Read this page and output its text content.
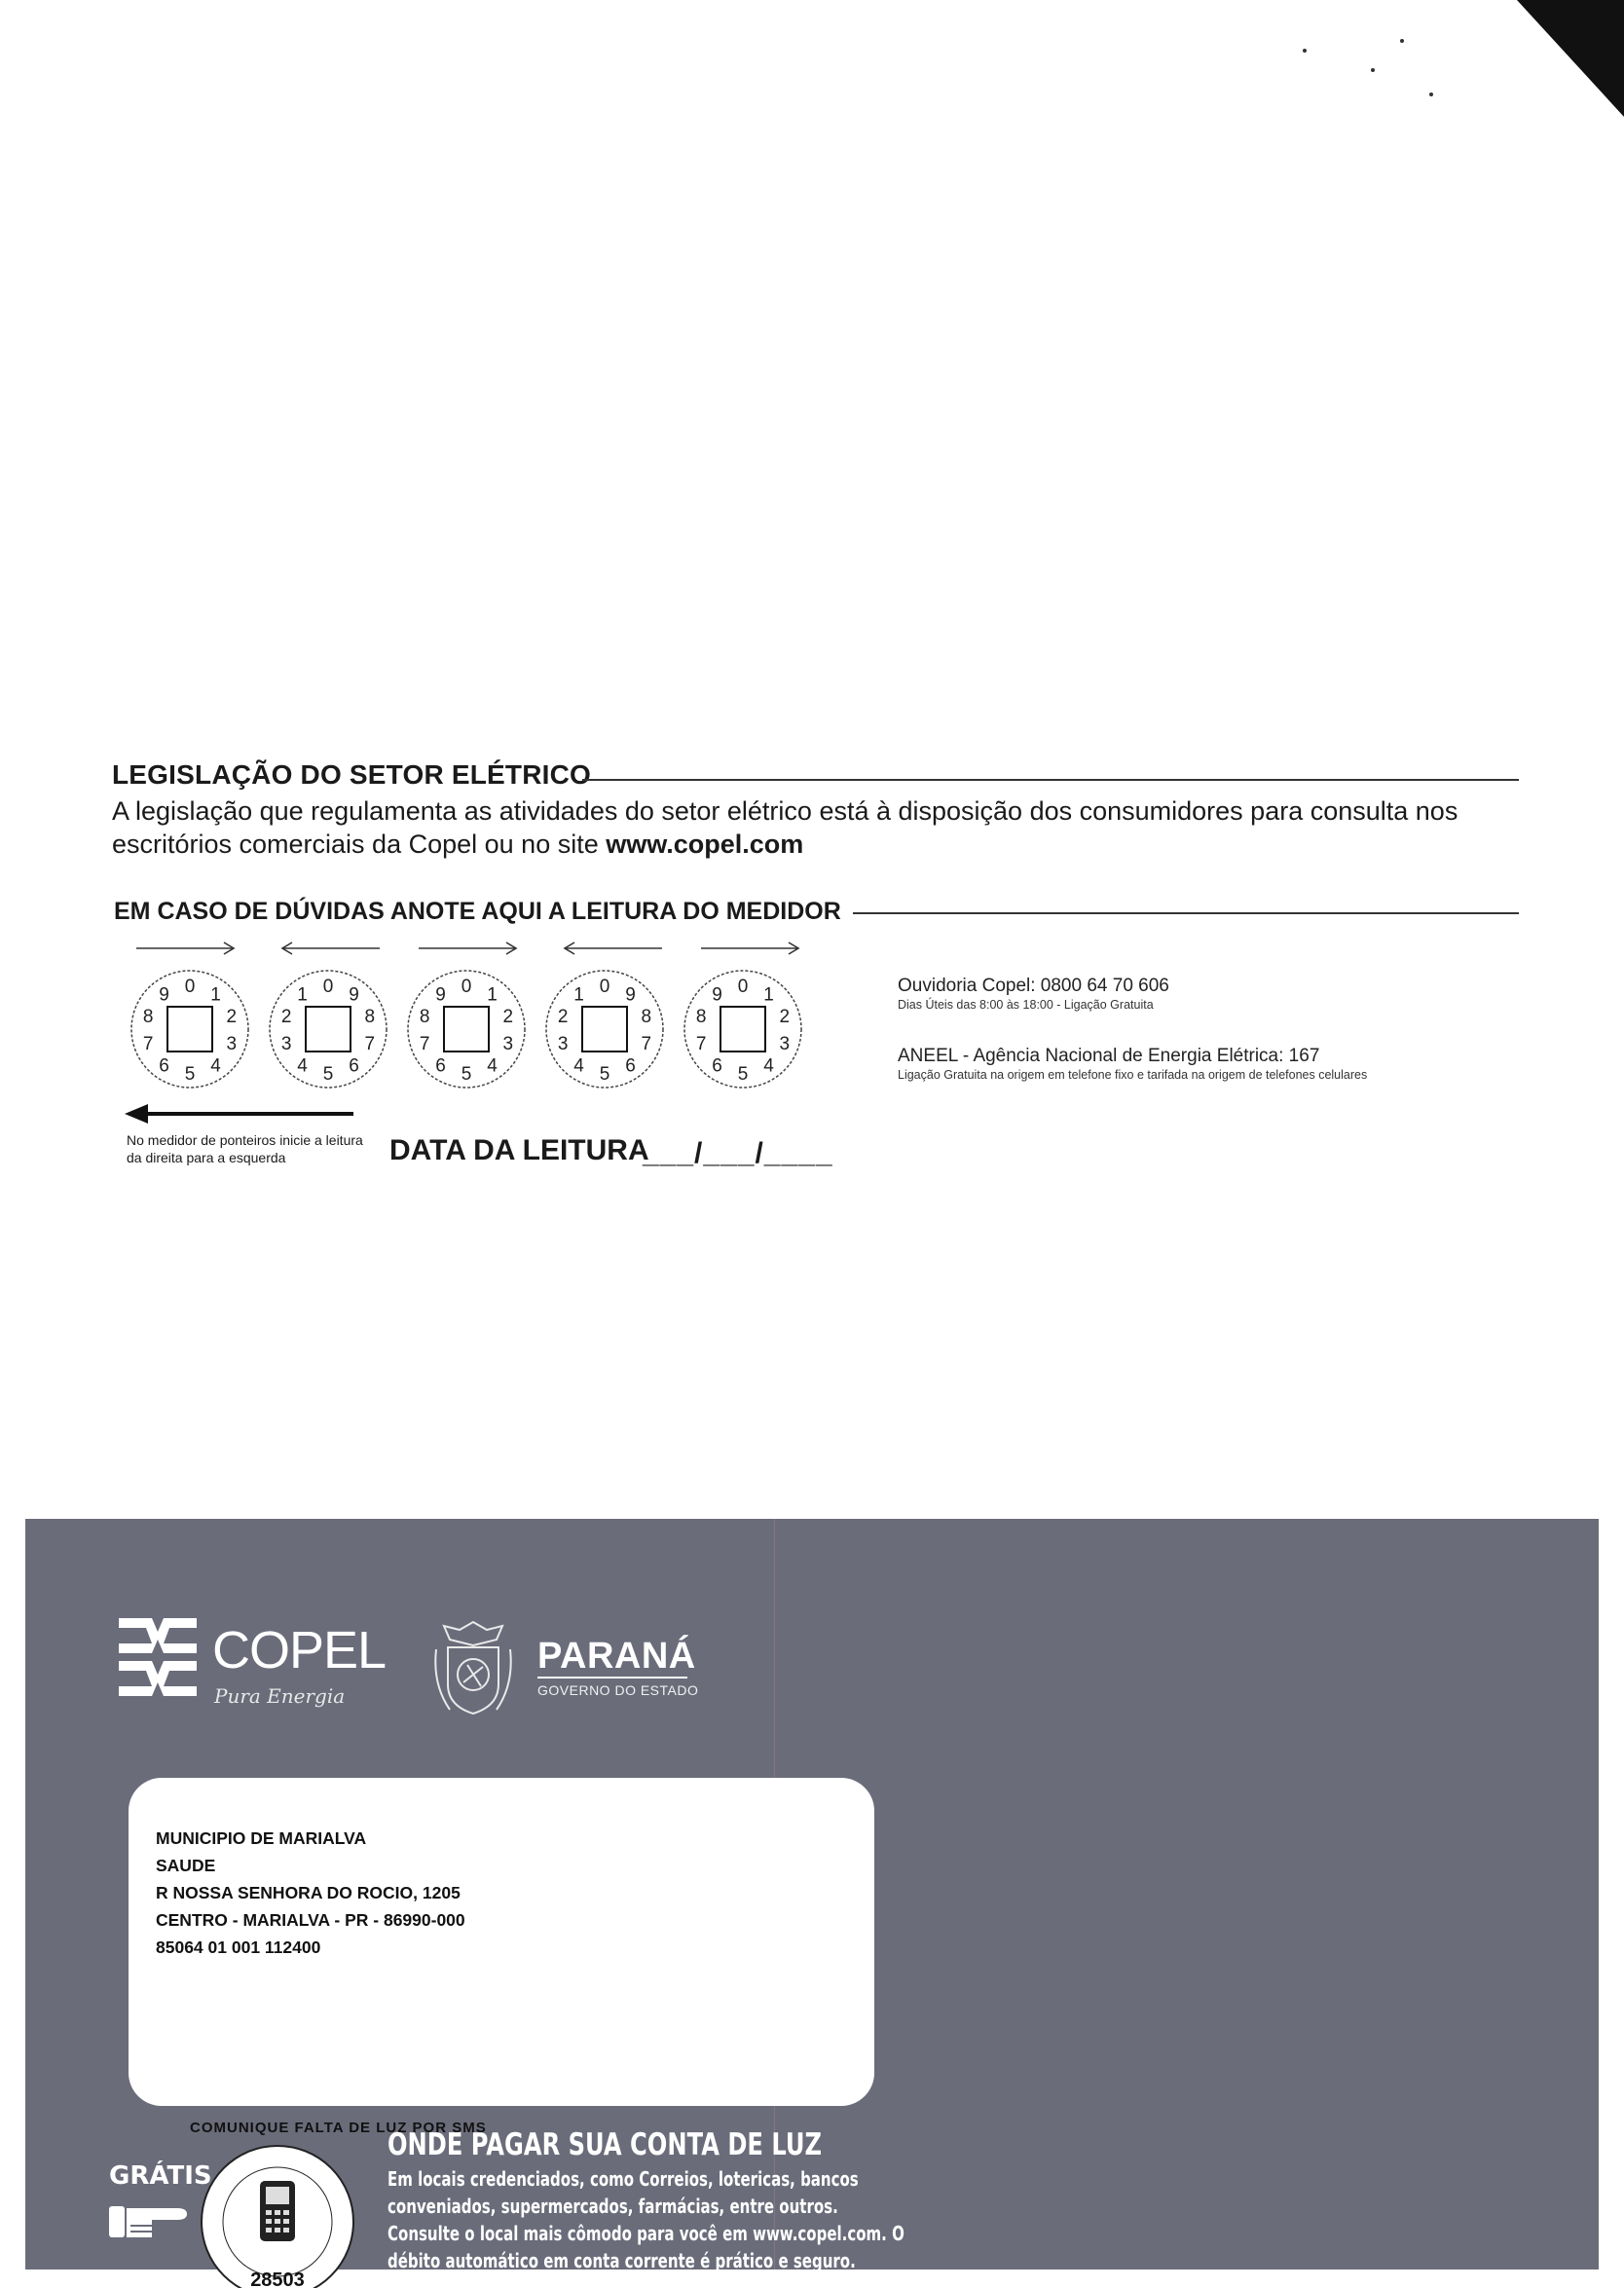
LEGISLAÇÃO DO SETOR ELÉTRICO
A legislação que regulamenta as atividades do setor elétrico está à disposição dos consumidores para consulta nos escritórios comerciais da Copel ou no site www.copel.com
EM CASO DE DÚVIDAS ANOTE AQUI A LEITURA DO MEDIDOR
0 1
2
3
4
5
6
7
8
9	0
1
2
3
4 5 6
7
8
9	0 1
2
3
4
5
6
7
8
9	0
1
2
3
4 5 6
7
8
9	0 1
2
3
4
5
6
7
8
9
No medidor de ponteiros inicie a leitura da direita para a esquerda	DATA DA LEITURA
___/___/____
Ouvidoria Copel: 0800 64 70 606
Dias Úteis das 8:00 às 18:00 - Ligação Gratuita
ANEEL - Agência Nacional de Energia Elétrica: 167
Ligação Gratuita na origem em telefone fixo e tarifada na origem de telefones celulares
COPEL
Pura Energia
PARANÁ
GOVERNO DO ESTADO
MUNICIPIO DE MARIALVA
SAUDE
R NOSSA SENHORA DO ROCIO, 1205
CENTRO - MARIALVA - PR - 86990-000
85064 01 001 112400
GRÁTIS
COMUNIQUE FALTA DE LUZ POR SMS
28503
ONDE PAGAR SUA CONTA DE LUZ
Em locais credenciados, como Correios, lotericas, bancos conveniados, supermercados, farmácias, entre outros. Consulte o local mais cômodo para você em www.copel.com. O débito automático em conta corrente é prático e seguro.
